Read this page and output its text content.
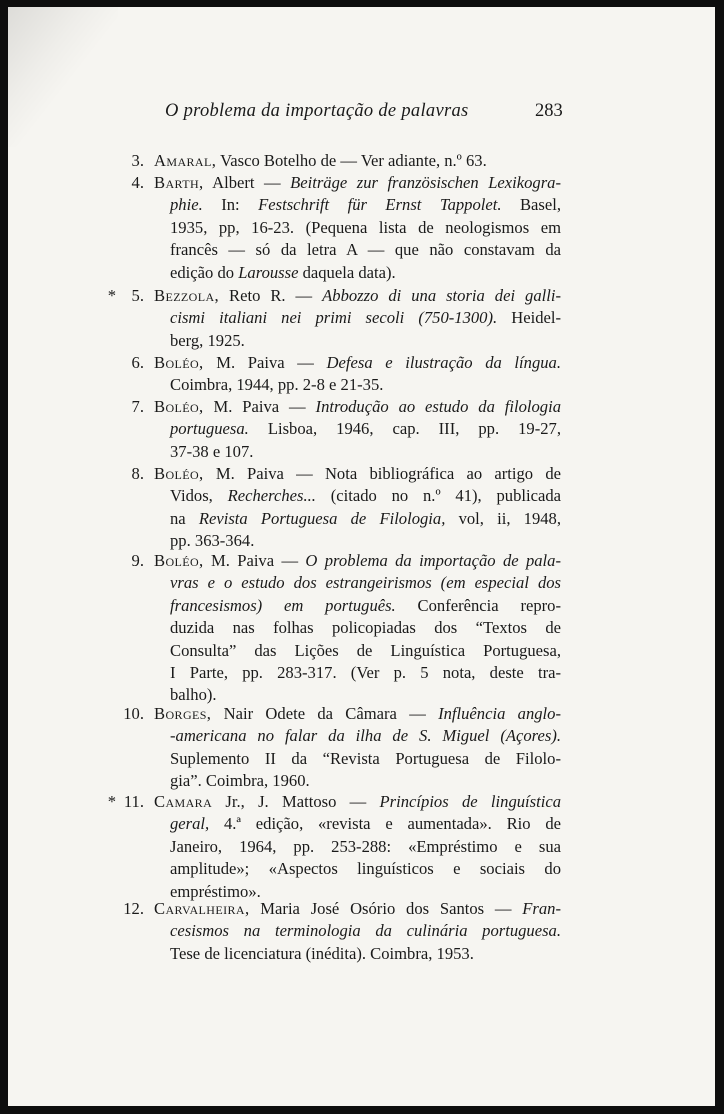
O problema da importação de palavras	283
3. Amaral, Vasco Botelho de — Ver adiante, n.º 63.
4. Barth, Albert — Beiträge zur französischen Lexikogra-
phie. In: Festschrift für Ernst Tappolet. Basel,
1935, pp, 16-23. (Pequena lista de neologismos em
francês — só da letra A — que não constavam da
edição do Larousse daquela data).
* 5. Bezzola, Reto R. — Abbozzo di una storia dei galli-
cismi italiani nei primi secoli (750-1300). Heidel-
berg, 1925.
6. Boléo, M. Paiva — Defesa e ilustração da língua.
Coimbra, 1944, pp. 2-8 e 21-35.
7. Boléo, M. Paiva — Introdução ao estudo da filologia
portuguesa. Lisboa, 1946, cap. III, pp. 19-27,
37-38 e 107.
8. Boléo, M. Paiva — Nota bibliográfica ao artigo de
Vidos, Recherches... (citado no n.º 41), publicada
na Revista Portuguesa de Filologia, vol, ii, 1948,
pp. 363-364.
9. Boléo, M. Paiva — O problema da importação de pala-
vras e o estudo dos estrangeirismos (em especial dos
francesismos) em português. Conferência repro-
duzida nas folhas policopiadas dos “Textos de
Consulta” das Lições de Linguística Portuguesa,
I Parte, pp. 283-317. (Ver p. 5 nota, deste tra-
balho).
10. Borges, Nair Odete da Câmara — Influência anglo-
-americana no falar da ilha de S. Miguel (Açores).
Suplemento II da “Revista Portuguesa de Filolo-
gia”. Coimbra, 1960.
* 11. Camara Jr., J. Mattoso — Princípios de linguística
geral, 4.ª edição, «revista e aumentada». Rio de
Janeiro, 1964, pp. 253-288: «Empréstimo e sua
amplitude»; «Aspectos linguísticos e sociais do
empréstimo».
12. Carvalheira, Maria José Osório dos Santos — Fran-
cesismos na terminologia da culinária portuguesa.
Tese de licenciatura (inédita). Coimbra, 1953.
